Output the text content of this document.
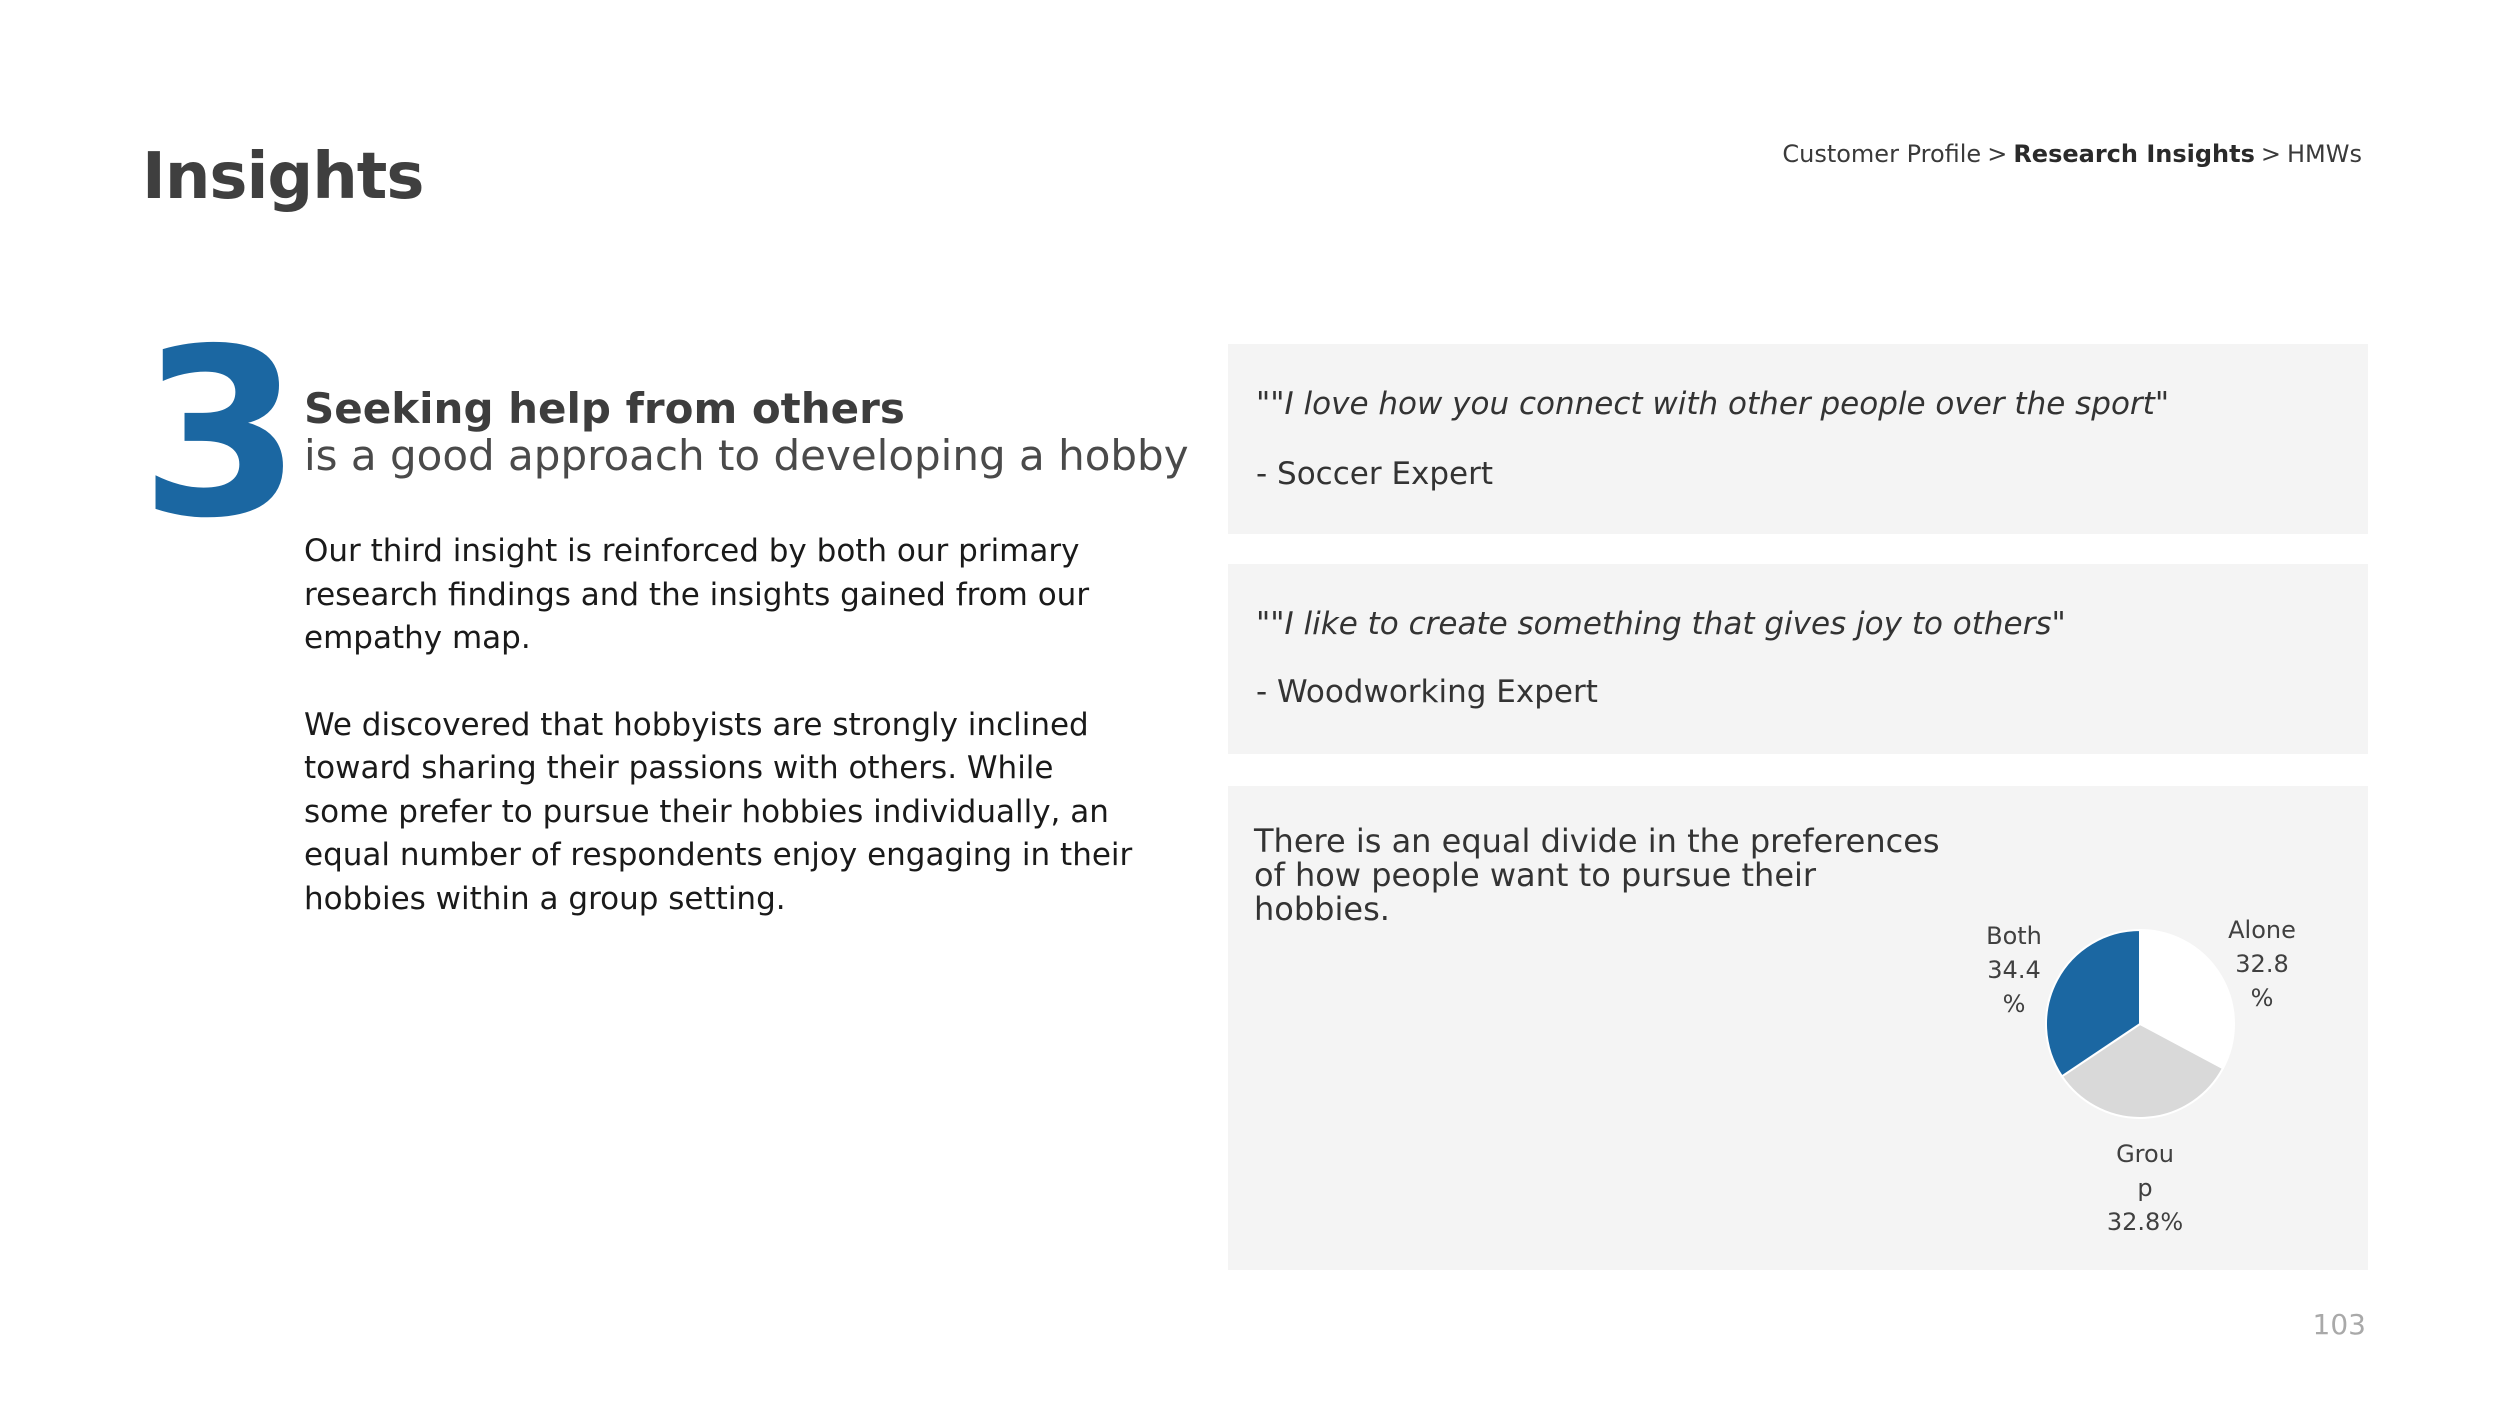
Insights	Customer Profile > Research Insights > HMWs
3 Seeking help from others
is a good approach to developing a hobby

Our third insight is reinforced by both our primary research findings and the insights gained from our empathy map.

We discovered that hobbyists are strongly inclined toward sharing their passions with others. While some prefer to pursue their hobbies individually, an equal number of respondents enjoy engaging in their hobbies within a group setting.

""I love how you connect with other people over the sport"
- Soccer Expert
""I like to create something that gives joy to others"
- Woodworking Expert
There is an equal divide in the preferences of how people want to pursue their hobbies.
Alone 32.8 %
Grou p 32.8%
Both 34.4 %
103
